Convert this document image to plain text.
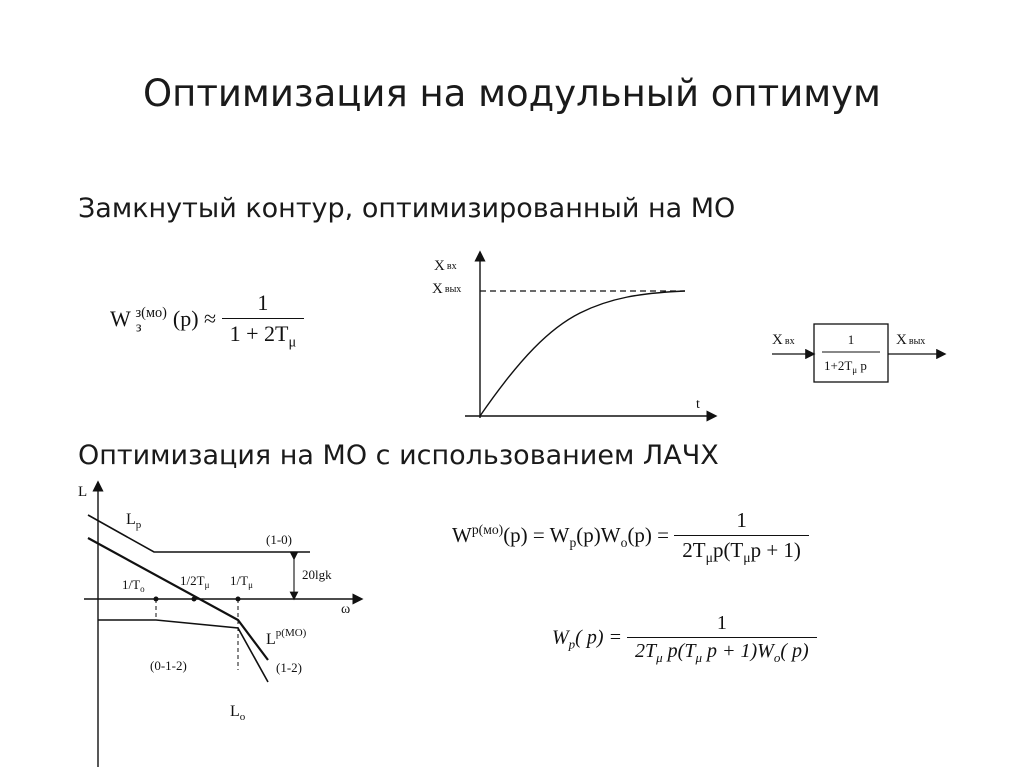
Оптимизация на модульный оптимум
Замкнутый контур, оптимизированный на МО
Оптимизация на МО с использованием ЛАЧХ
W $_з^{з(мо)}$ $(p) \approx \frac{1}{1 + 2T_\mu}$
Xвх
Xвых
t
Xвх	1
$1+2T_\mu$ p
Xвых
L
ω
$L_p$
(1-0)
20lgk
$L^{p(MO)}$
(1-2)
(0-1-2)
$L_o$
$1/T_o$
$1/2T_\mu$ $1/T_\mu$
$W^{p(мо)}(p) = W_p(p)W_o(p) = \frac{1}{2T_\mu p(T_\mu p + 1)}$
$W_p$( $p) = \frac{1}{2T_\mu p(T_\mu p + 1)W_o( p)}$
